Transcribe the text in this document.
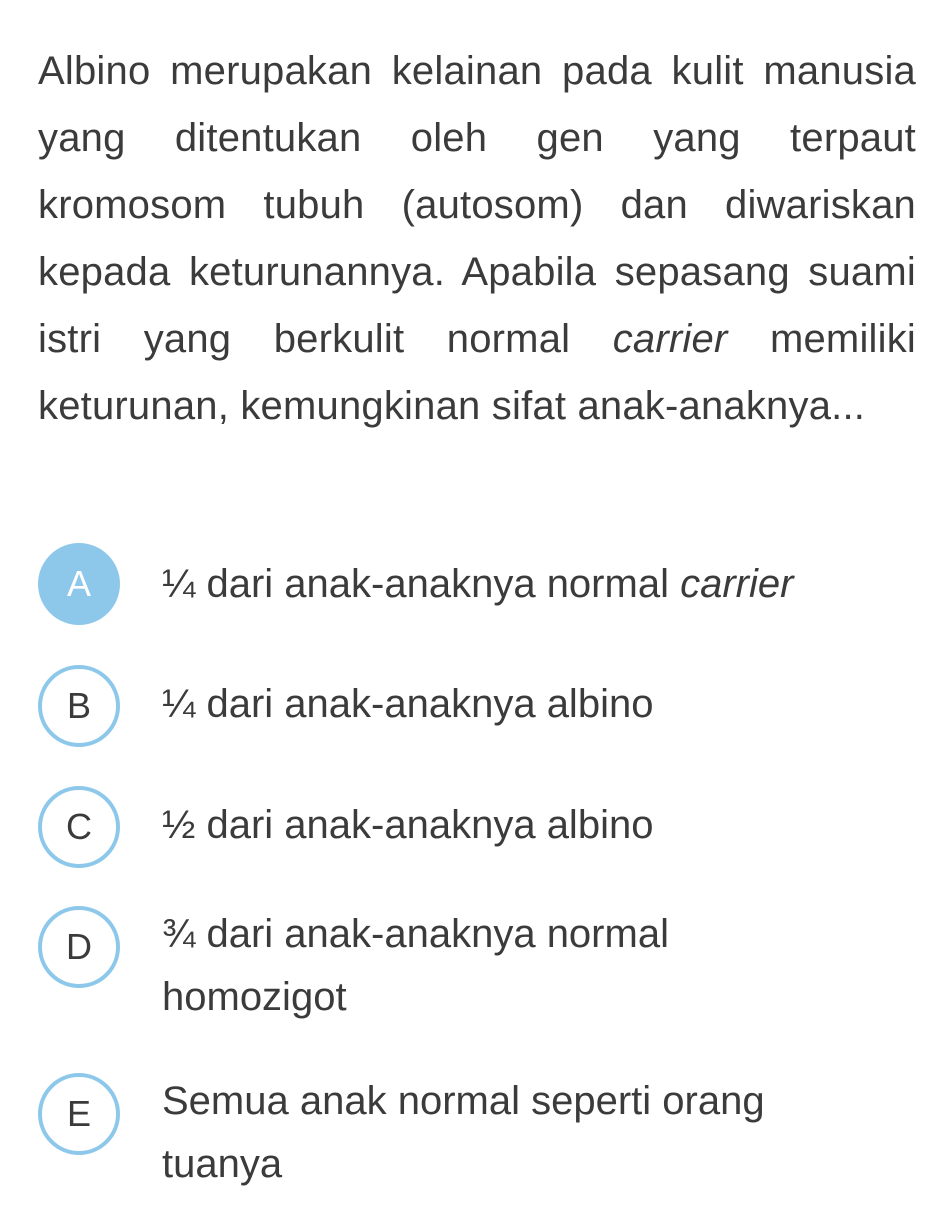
Albino merupakan kelainan pada kulit manusia yang ditentukan oleh gen yang terpaut kromosom tubuh (autosom) dan diwariskan kepada keturunannya. Apabila sepasang suami istri yang berkulit normal carrier memiliki keturunan, kemungkinan sifat anak-anaknya...

A ¼ dari anak-anaknya normal carrier

B ¼ dari anak-anaknya albino

C ½ dari anak-anaknya albino

D ¾ dari anak-anaknya normal homozigot

E Semua anak normal seperti orang tuanya
